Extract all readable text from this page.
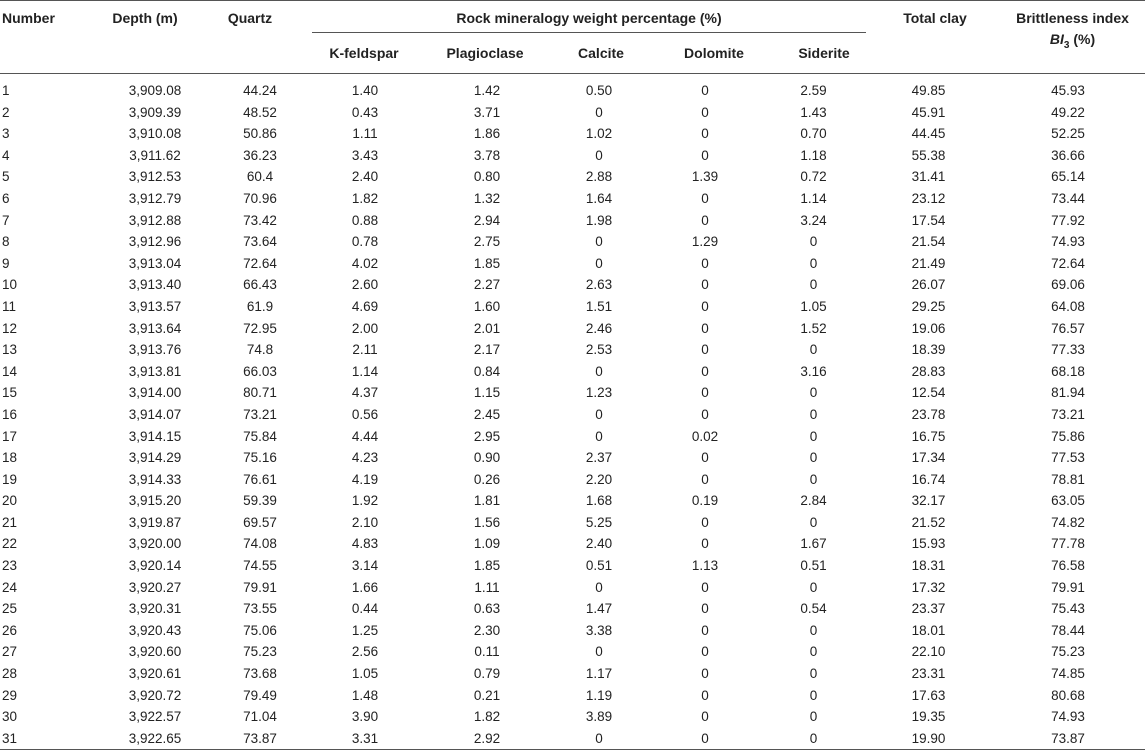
Number	Depth (m)	Quartz	Rock mineralogy weight percentage (%)	Total clay	Brittleness index
K-feldspar	Plagioclase	Calcite	Dolomite	Siderite
$BI_3$ (%)
1	3,909.08	44.24	1.40	1.42	0.50	0	2.59	49.85	45.93
2	3,909.39	48.52	0.43	3.71	0	0	1.43	45.91	49.22
3	3,910.08	50.86	1.11	1.86	1.02	0	0.70	44.45	52.25
4	3,911.62	36.23	3.43	3.78	0	0	1.18	55.38	36.66
5	3,912.53	60.4	2.40	0.80	2.88	1.39	0.72	31.41	65.14
6	3,912.79	70.96	1.82	1.32	1.64	0	1.14	23.12	73.44
7	3,912.88	73.42	0.88	2.94	1.98	0	3.24	17.54	77.92
8	3,912.96	73.64	0.78	2.75	0	1.29	0	21.54	74.93
9	3,913.04	72.64	4.02	1.85	0	0	0	21.49	72.64
10	3,913.40	66.43	2.60	2.27	2.63	0	0	26.07	69.06
11	3,913.57	61.9	4.69	1.60	1.51	0	1.05	29.25	64.08
12	3,913.64	72.95	2.00	2.01	2.46	0	1.52	19.06	76.57
13	3,913.76	74.8	2.11	2.17	2.53	0	0	18.39	77.33
14	3,913.81	66.03	1.14	0.84	0	0	3.16	28.83	68.18
15	3,914.00	80.71	4.37	1.15	1.23	0	0	12.54	81.94
16	3,914.07	73.21	0.56	2.45	0	0	0	23.78	73.21
17	3,914.15	75.84	4.44	2.95	0	0.02	0	16.75	75.86
18	3,914.29	75.16	4.23	0.90	2.37	0	0	17.34	77.53
19	3,914.33	76.61	4.19	0.26	2.20	0	0	16.74	78.81
20	3,915.20	59.39	1.92	1.81	1.68	0.19	2.84	32.17	63.05
21	3,919.87	69.57	2.10	1.56	5.25	0	0	21.52	74.82
22	3,920.00	74.08	4.83	1.09	2.40	0	1.67	15.93	77.78
23	3,920.14	74.55	3.14	1.85	0.51	1.13	0.51	18.31	76.58
24	3,920.27	79.91	1.66	1.11	0	0	0	17.32	79.91
25	3,920.31	73.55	0.44	0.63	1.47	0	0.54	23.37	75.43
26	3,920.43	75.06	1.25	2.30	3.38	0	0	18.01	78.44
27	3,920.60	75.23	2.56	0.11	0	0	0	22.10	75.23
28	3,920.61	73.68	1.05	0.79	1.17	0	0	23.31	74.85
29	3,920.72	79.49	1.48	0.21	1.19	0	0	17.63	80.68
30	3,922.57	71.04	3.90	1.82	3.89	0	0	19.35	74.93
31	3,922.65	73.87	3.31	2.92	0	0	0	19.90	73.87
